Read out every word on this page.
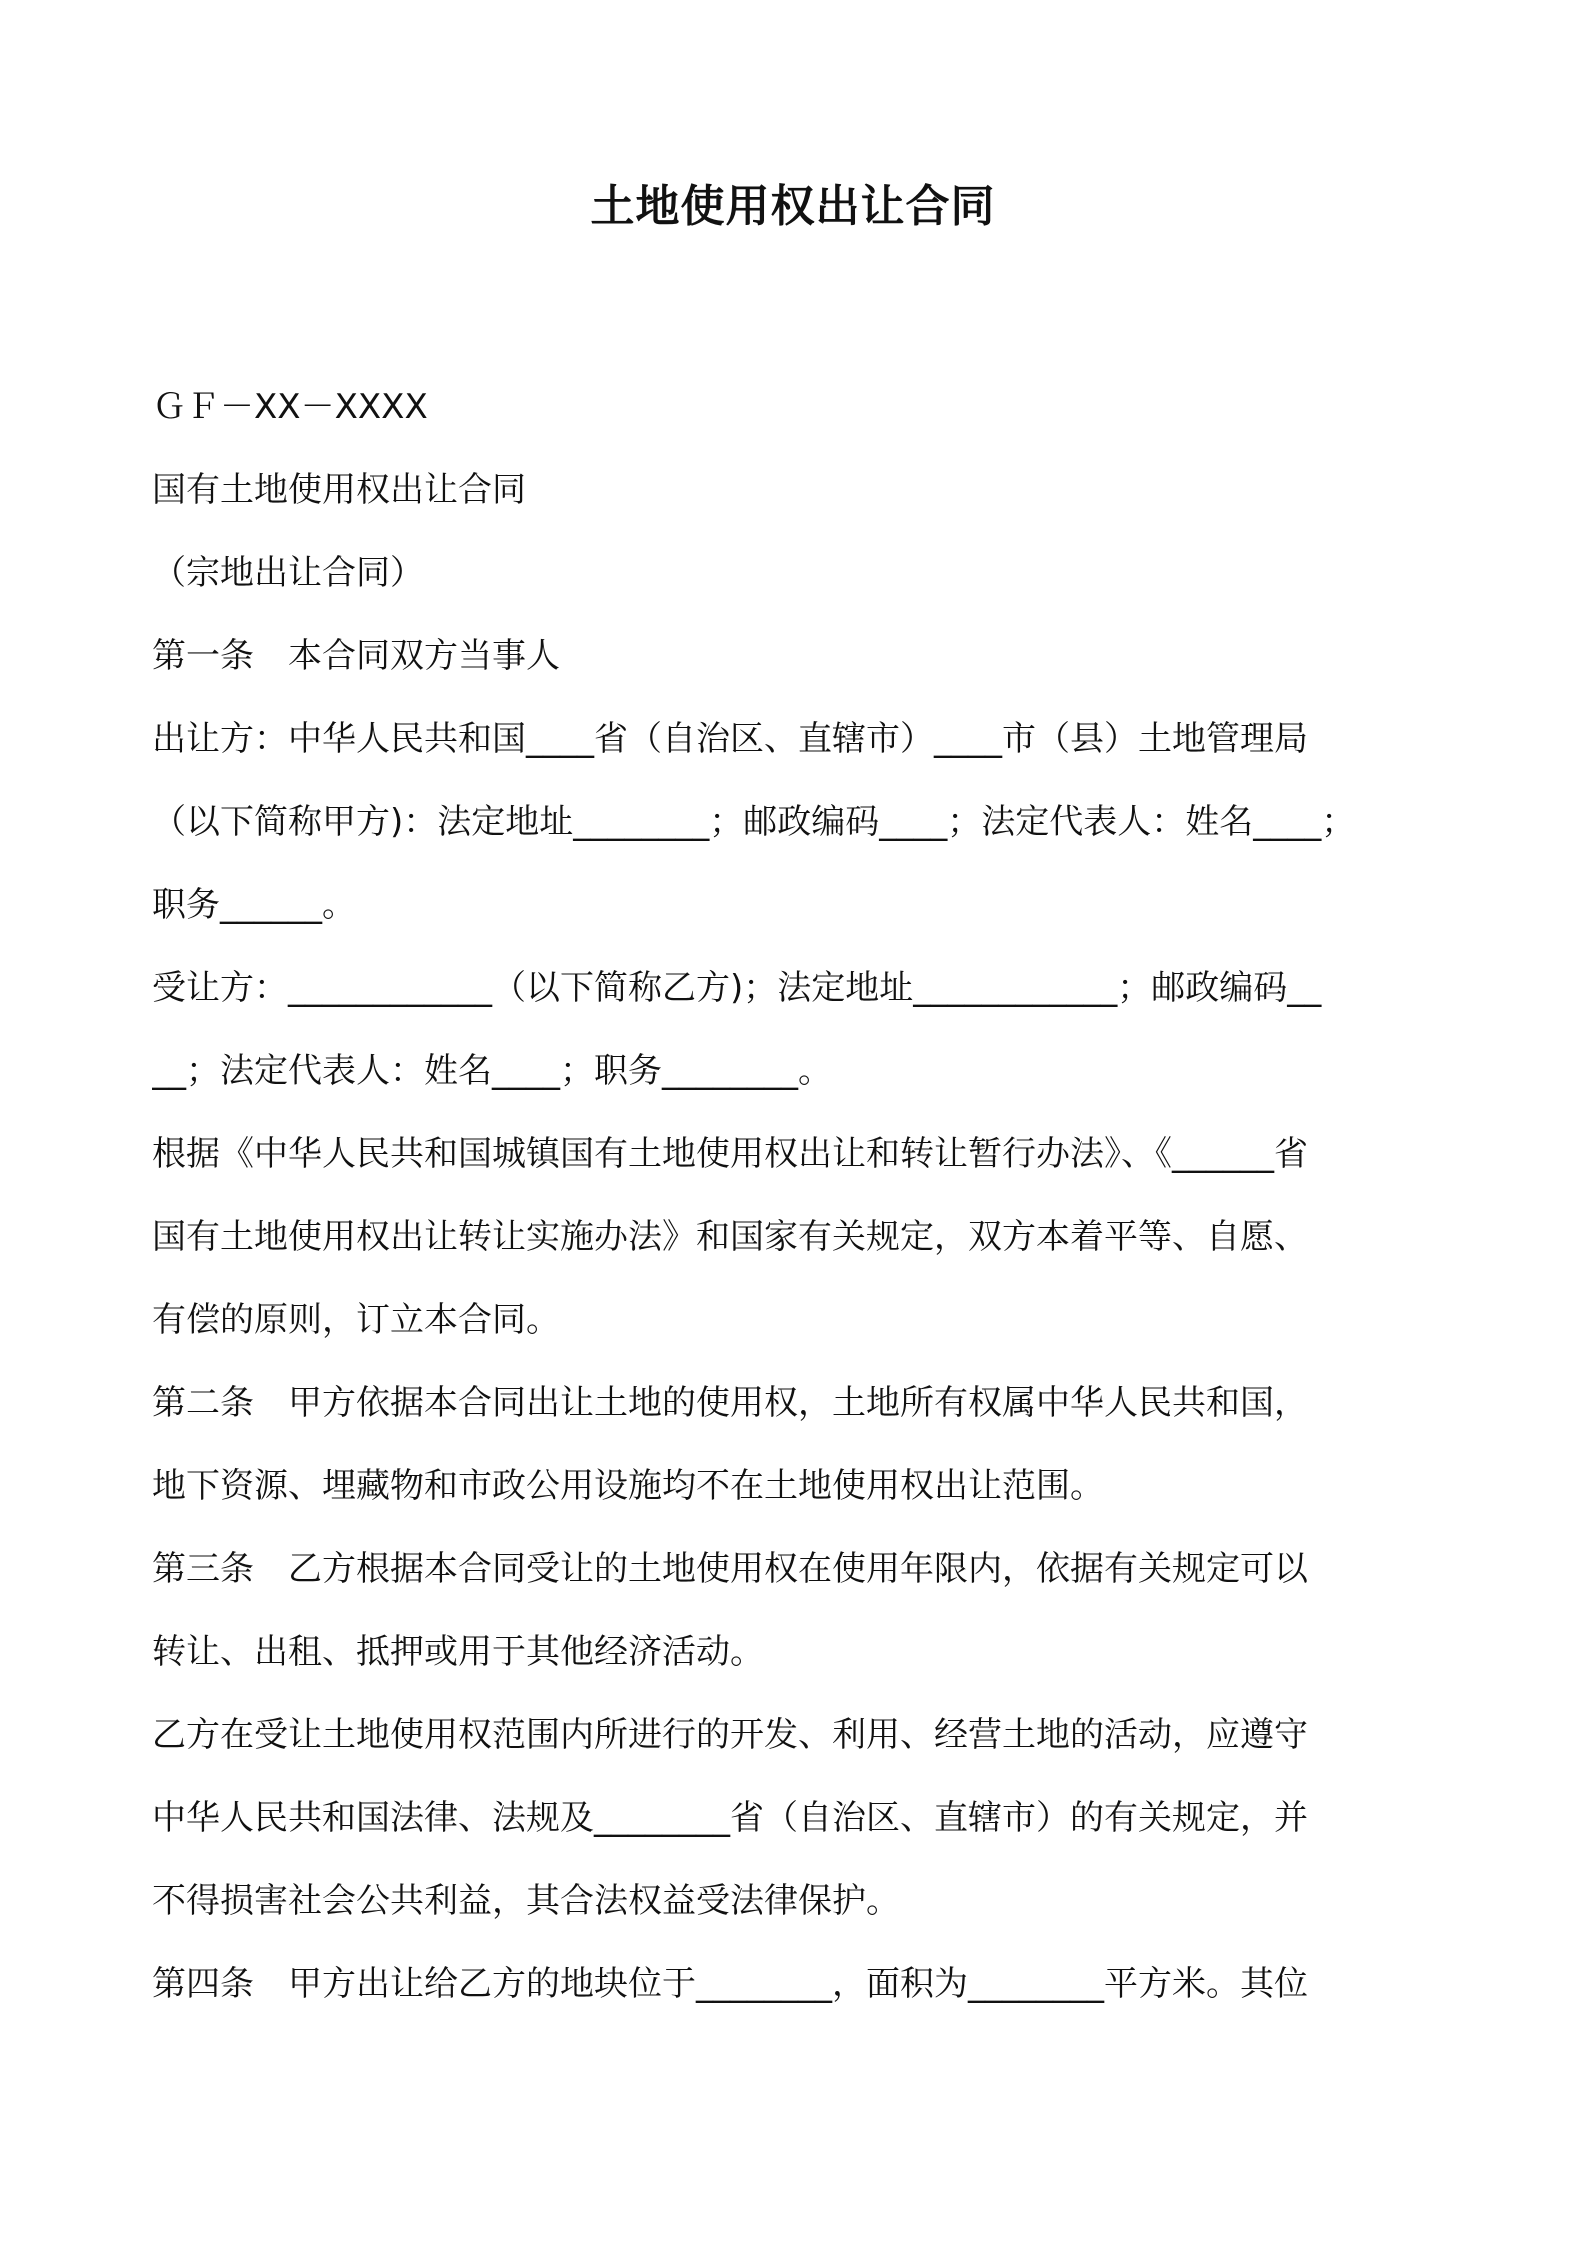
土地使用权出让合同
ＧＦ－XX－XXXX
国有土地使用权出让合同
（宗地出让合同）
第一条　本合同双方当事人
出让方：中华人民共和国____省（自治区、直辖市）____市（县）土地管理局
（以下简称甲方)：法定地址________；邮政编码____；法定代表人：姓名____；
职务______。
受让方：____________（以下简称乙方)；法定地址____________；邮政编码__
__；法定代表人：姓名____；职务________。
根据《中华人民共和国城镇国有土地使用权出让和转让暂行办法》、《______省
国有土地使用权出让转让实施办法》和国家有关规定，双方本着平等、自愿、
有偿的原则，订立本合同。
第二条　甲方依据本合同出让土地的使用权，土地所有权属中华人民共和国，
地下资源、埋藏物和市政公用设施均不在土地使用权出让范围。
第三条　乙方根据本合同受让的土地使用权在使用年限内，依据有关规定可以
转让、出租、抵押或用于其他经济活动。
乙方在受让土地使用权范围内所进行的开发、利用、经营土地的活动，应遵守
中华人民共和国法律、法规及________省（自治区、直辖市）的有关规定，并
不得损害社会公共利益，其合法权益受法律保护。
第四条　甲方出让给乙方的地块位于________，面积为________平方米。其位
